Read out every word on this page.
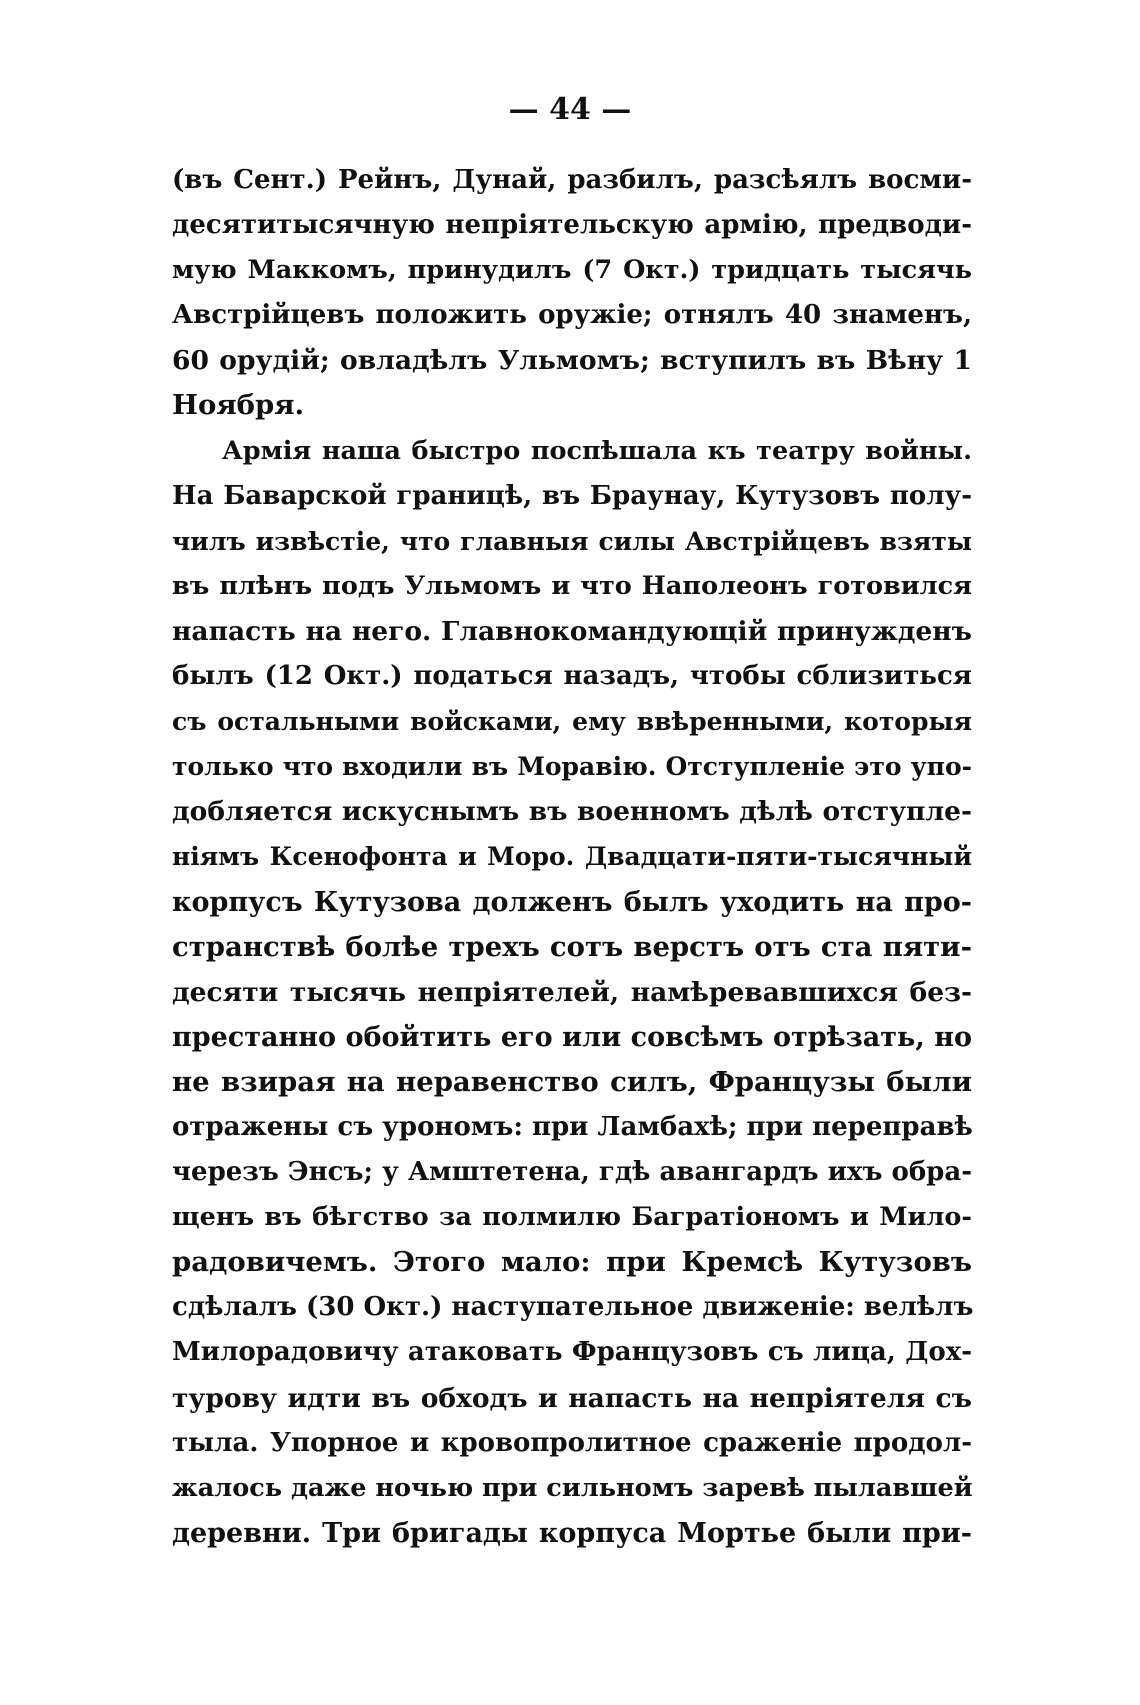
— 44 —
(въ Сент.) Рейнъ, Дунай, разбилъ, разсѣялъ восми-
десятитысячную непріятельскую армію, предводи-
мую Маккомъ, принудилъ (7 Окт.) тридцать тысячь
Австрійцевъ положить оружіе; отнялъ 40 знаменъ,
60 орудій; овладѣлъ Ульмомъ; вступилъ въ Вѣну 1
Ноября.
Армія наша быстро поспѣшала къ театру войны.
На Баварской границѣ, въ Браунау, Кутузовъ полу-
чилъ извѣстіе, что главныя силы Австрійцевъ взяты
въ плѣнъ подъ Ульмомъ и что Наполеонъ готовился
напасть на него. Главнокомандующій принужденъ
былъ (12 Окт.) податься назадъ, чтобы сблизиться
съ остальными войсками, ему ввѣренными, которыя
только что входили въ Моравію. Отступленіе это упо-
добляется искуснымъ въ военномъ дѣлѣ отступле-
ніямъ Ксенофонта и Моро. Двадцати-пяти-тысячный
корпусъ Кутузова долженъ былъ уходить на про-
странствѣ болѣе трехъ сотъ верстъ отъ ста пяти-
десяти тысячь непріятелей, намѣревавшихся без-
престанно обойтить его или совсѣмъ отрѣзать, но
не взирая на неравенство силъ, Французы были
отражены съ урономъ: при Ламбахѣ; при переправѣ
черезъ Энсъ; у Амштетена, гдѣ авангардъ ихъ обра-
щенъ въ бѣгство за полмилю Багратіономъ и Мило-
радовичемъ. Этого мало: при Кремсѣ Кутузовъ
сдѣлалъ (30 Окт.) наступательное движеніе: велѣлъ
Милорадовичу атаковать Французовъ съ лица, Дох-
турову идти въ обходъ и напасть на непріятеля съ
тыла. Упорное и кровопролитное сраженіе продол-
жалось даже ночью при сильномъ заревѣ пылавшей
деревни. Три бригады корпуса Мортье были при-
